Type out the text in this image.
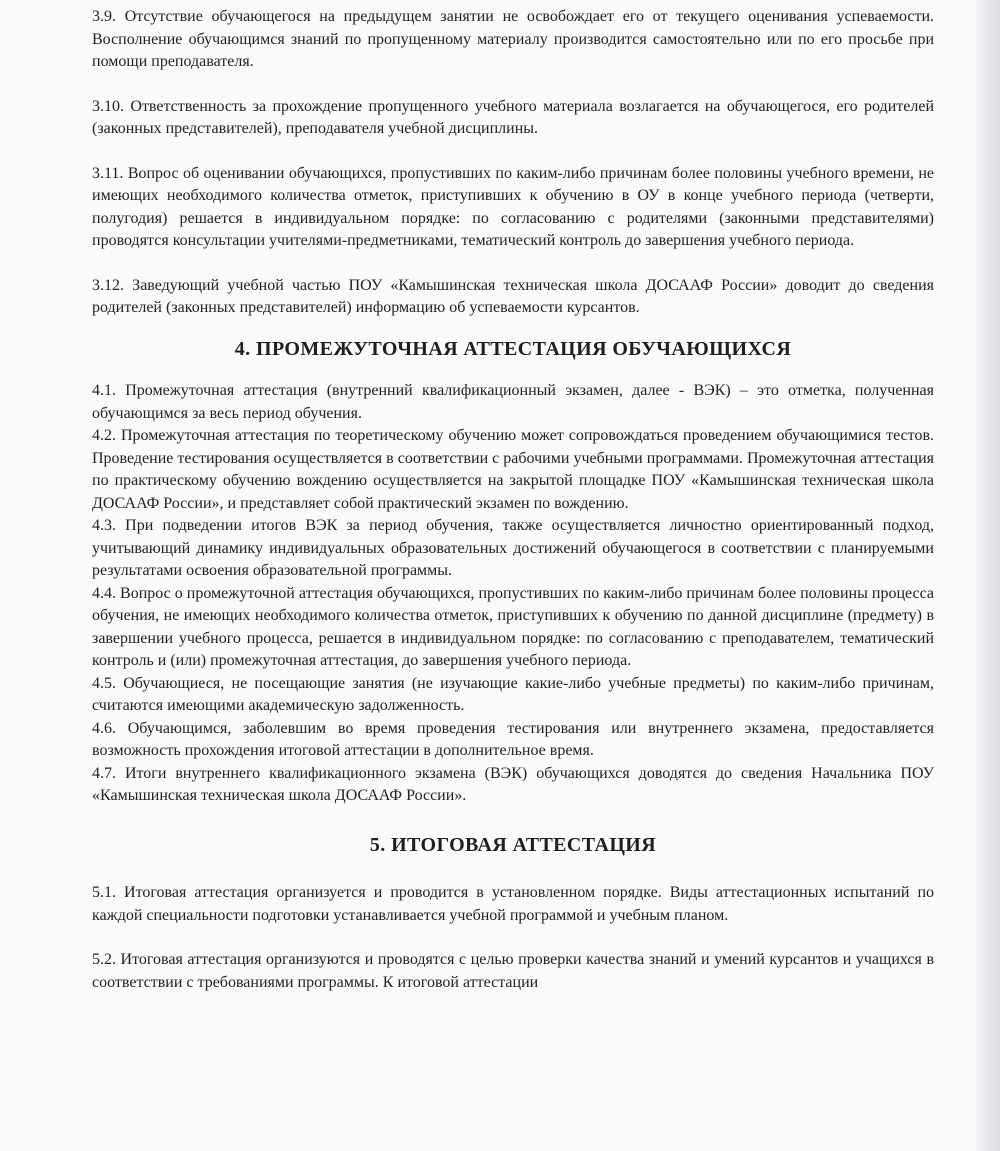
3.9. Отсутствие обучающегося на предыдущем занятии не освобождает его от текущего оценивания успеваемости. Восполнение обучающимся знаний по пропущенному материалу производится самостоятельно или по его просьбе при помощи преподавателя.

3.10. Ответственность за прохождение пропущенного учебного материала возлагается на обучающегося, его родителей (законных представителей), преподавателя учебной дисциплины.

3.11. Вопрос об оценивании обучающихся, пропустивших по каким-либо причинам более половины учебного времени, не имеющих необходимого количества отметок, приступивших к обучению в ОУ в конце учебного периода (четверти, полугодия) решается в индивидуальном порядке: по согласованию с родителями (законными представителями) проводятся консультации учителями-предметниками, тематический контроль до завершения учебного периода.

3.12. Заведующий учебной частью ПОУ «Камышинская техническая школа ДОСААФ России» доводит до сведения родителей (законных представителей) информацию об успеваемости курсантов.

4. ПРОМЕЖУТОЧНАЯ АТТЕСТАЦИЯ ОБУЧАЮЩИХСЯ

4.1. Промежуточная аттестация (внутренний квалификационный экзамен, далее - ВЭК) – это отметка, полученная обучающимся за весь период обучения.

4.2. Промежуточная аттестация по теоретическому обучению может сопровождаться проведением обучающимися тестов. Проведение тестирования осуществляется в соответствии с рабочими учебными программами. Промежуточная аттестация по практическому обучению вождению осуществляется на закрытой площадке ПОУ «Камышинская техническая школа ДОСААФ России», и представляет собой практический экзамен по вождению.

4.3. При подведении итогов ВЭК за период обучения, также осуществляется личностно ориентированный подход, учитывающий динамику индивидуальных образовательных достижений обучающегося в соответствии с планируемыми результатами освоения образовательной программы.

4.4. Вопрос о промежуточной аттестация обучающихся, пропустивших по каким-либо причинам более половины процесса обучения, не имеющих необходимого количества отметок, приступивших к обучению по данной дисциплине (предмету) в завершении учебного процесса, решается в индивидуальном порядке: по согласованию с преподавателем, тематический контроль и (или) промежуточная аттестация, до завершения учебного периода.

4.5. Обучающиеся, не посещающие занятия (не изучающие какие-либо учебные предметы) по каким-либо причинам, считаются имеющими академическую задолженность.

4.6. Обучающимся, заболевшим во время проведения тестирования или внутреннего экзамена, предоставляется возможность прохождения итоговой аттестации в дополнительное время.

4.7. Итоги внутреннего квалификационного экзамена (ВЭК) обучающихся доводятся до сведения Начальника ПОУ «Камышинская техническая школа ДОСААФ России».

5. ИТОГОВАЯ АТТЕСТАЦИЯ

5.1. Итоговая аттестация организуется и проводится в установленном порядке. Виды аттестационных испытаний по каждой специальности подготовки устанавливается учебной программой и учебным планом.

5.2. Итоговая аттестация организуются и проводятся с целью проверки качества знаний и умений курсантов и учащихся в соответствии с требованиями программы. К итоговой аттестации
